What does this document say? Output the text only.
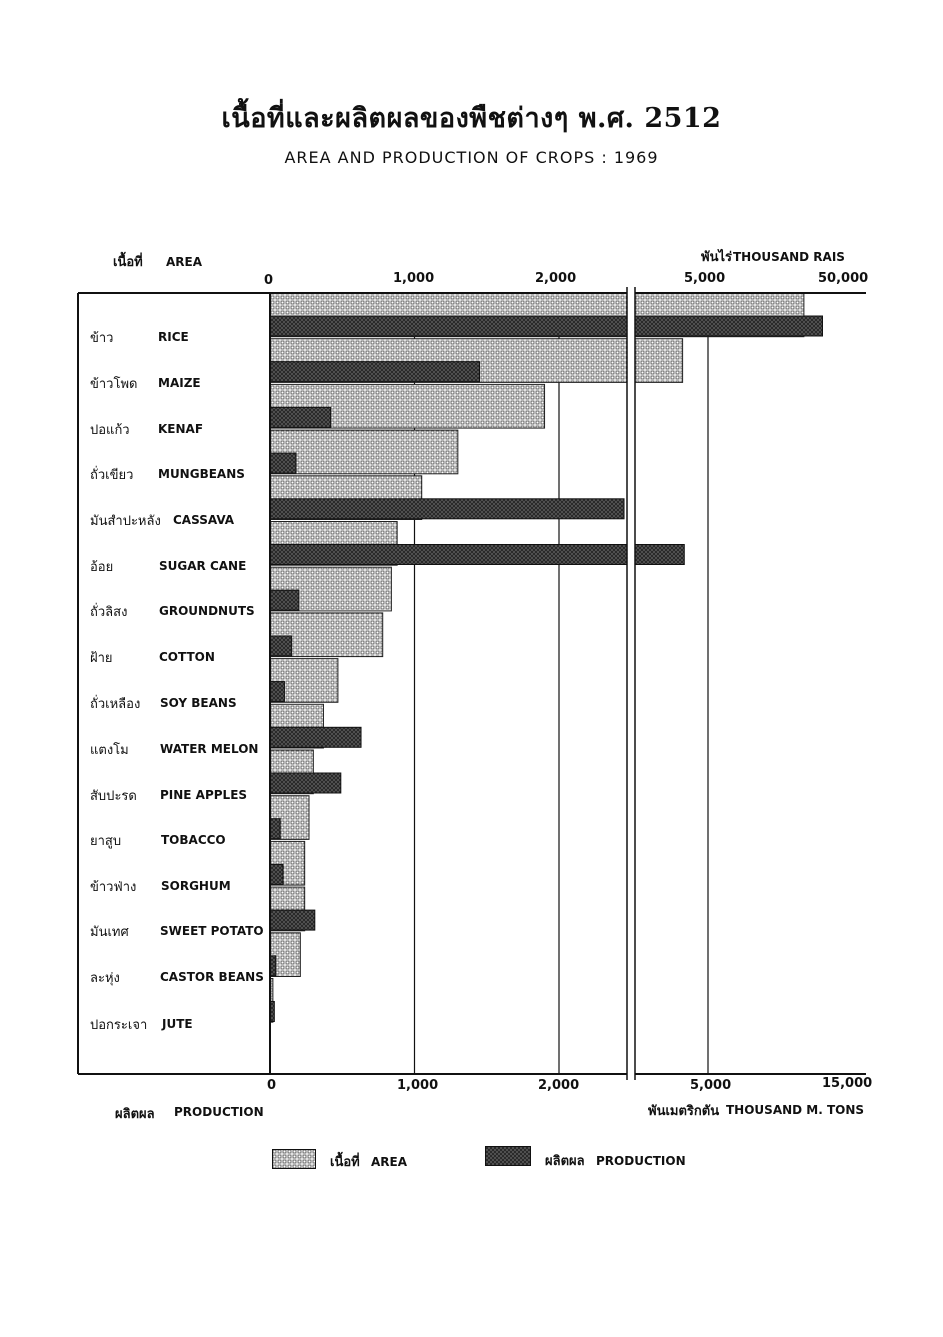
เนื้อที่และผลิตผลของพืชต่างๆ พ.ศ. 2512
AREA AND PRODUCTION OF CROPS : 1969
เนื้อที่ AREA	พันไร่ THOUSAND RAIS
ผลิตผล PRODUCTION	พันเมตริกตัน THOUSAND M. TONS
0	1,000	2,000	5,000	50,000
0	1,000	2,000	5,000	15,000
ข้าว	RICE
ข้าวโพด MAIZE
ปอแก้ว KENAF
ถั่วเขียว MUNGBEANS
มันสำปะหลัง CASSAVA
อ้อย	SUGAR CANE
ถั่วลิสง	GROUNDNUTS
ฝ้าย	COTTON
ถั่วเหลือง SOY BEANS
แตงโม	WATER MELON
สับปะรด PINE APPLES
ยาสูบ	TOBACCO
ข้าวฟ่าง SORGHUM
มันเทศ	SWEET POTATO
ละหุ่ง	CASTOR BEANS
ปอกระเจา JUTE
เนื้อที่ AREA	ผลิตผล PRODUCTION
